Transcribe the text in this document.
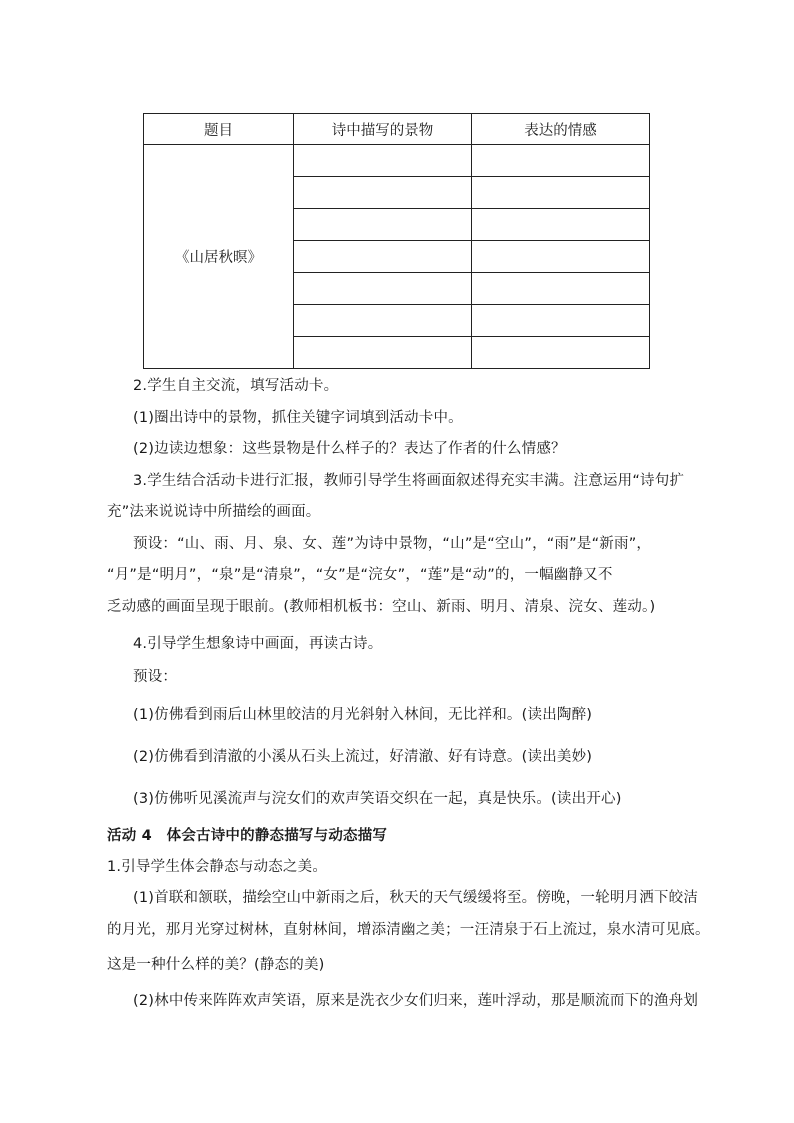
题目	诗中描写的景物	表达的情感
《山居秋暝》		

2.学生自主交流，填写活动卡。
(1)圈出诗中的景物，抓住关键字词填到活动卡中。
(2)边读边想象：这些景物是什么样子的？表达了作者的什么情感？
3.学生结合活动卡进行汇报，教师引导学生将画面叙述得充实丰满。注意运用“诗句扩
充”法来说说诗中所描绘的画面。
预设：“山、雨、月、泉、女、莲”为诗中景物，“山”是“空山”，“雨”是“新雨”，
“月”是“明月”，“泉”是“清泉”，“女”是“浣女”，“莲”是“动”的，一幅幽静又不
乏动感的画面呈现于眼前。(教师相机板书：空山、新雨、明月、清泉、浣女、莲动。)
4.引导学生想象诗中画面，再读古诗。
预设：
(1)仿佛看到雨后山林里皎洁的月光斜射入林间，无比祥和。(读出陶醉)
(2)仿佛看到清澈的小溪从石头上流过，好清澈、好有诗意。(读出美妙)
(3)仿佛听见溪流声与浣女们的欢声笑语交织在一起，真是快乐。(读出开心)
活动 4　体会古诗中的静态描写与动态描写
1.引导学生体会静态与动态之美。
(1)首联和颔联，描绘空山中新雨之后，秋天的天气缓缓将至。傍晚，一轮明月洒下皎洁
的月光，那月光穿过树林，直射林间，增添清幽之美；一汪清泉于石上流过，泉水清可见底。
这是一种什么样的美？(静态的美)
(2)林中传来阵阵欢声笑语，原来是洗衣少女们归来，莲叶浮动，那是顺流而下的渔舟划
